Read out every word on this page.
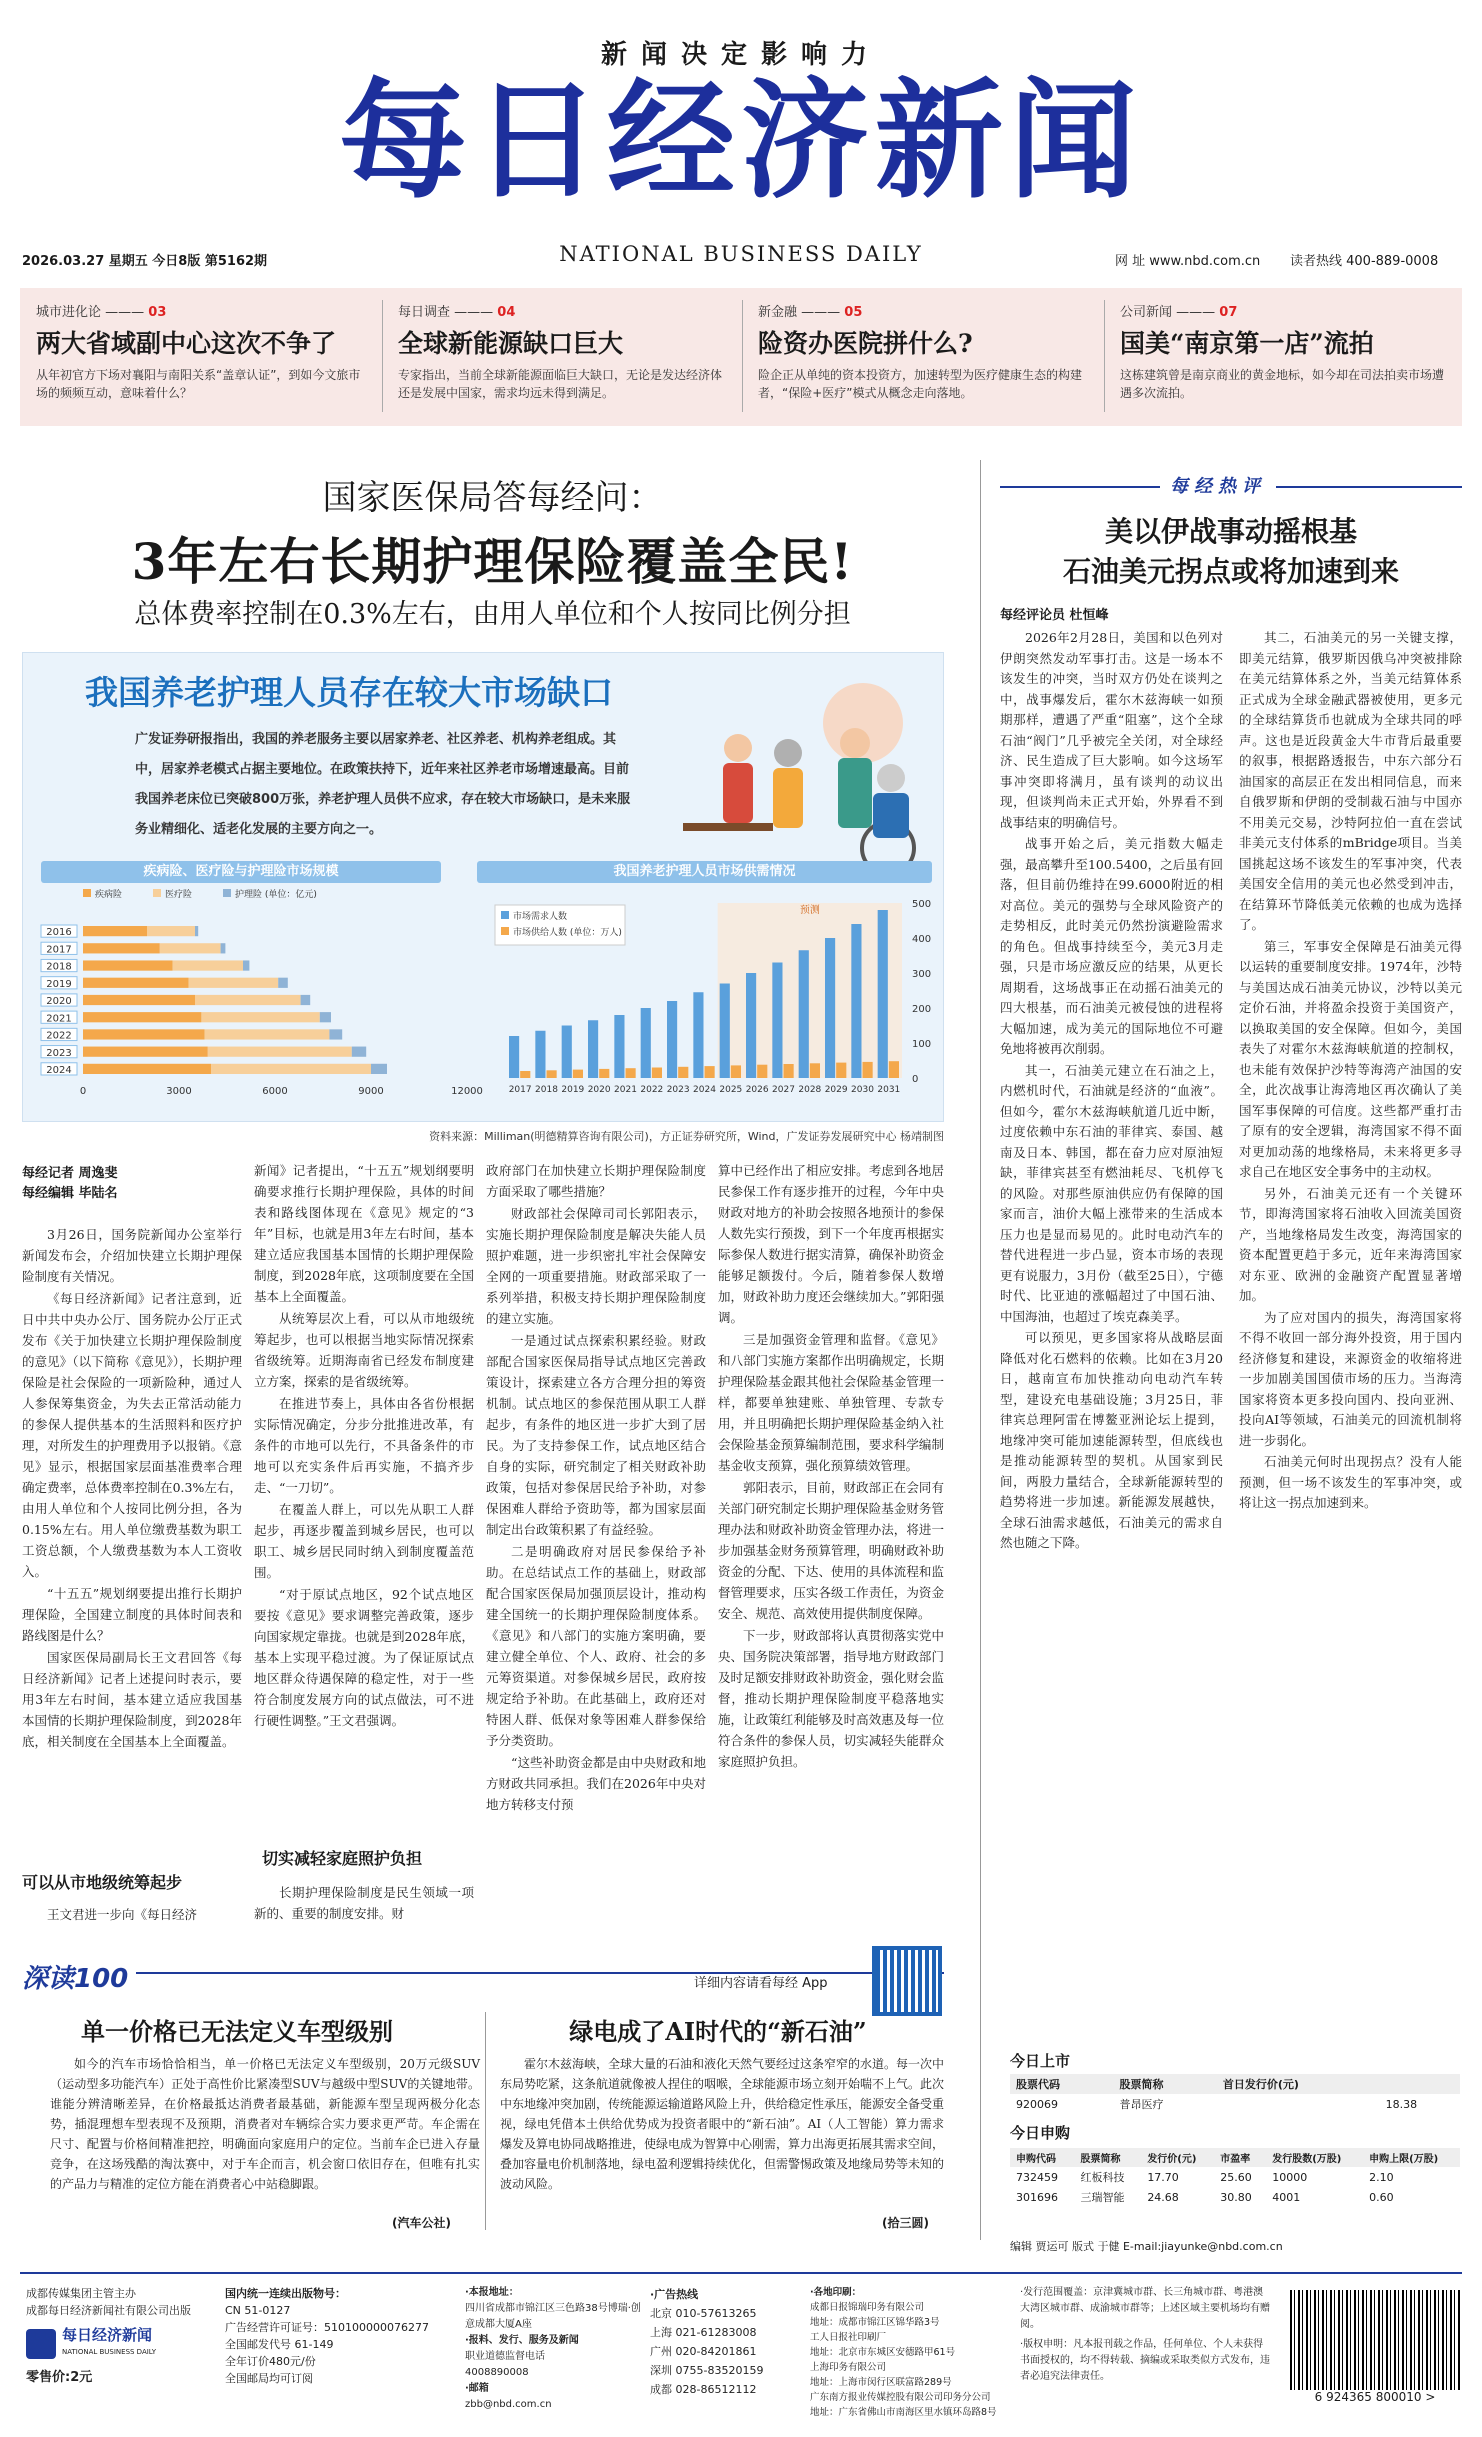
新闻决定影响力
每日经济新闻
2026.03.27 星期五 今日8版 第5162期	NATIONAL BUSINESS DAILY	网 址 www.nbd.com.cn 读者热线 400-889-0008
城市进化论 ——— 03
两大省域副中心这次不争了
从年初官方下场对襄阳与南阳关系“盖章认证”，到如今文旅市场的频频互动，意味着什么？
每日调查 ——— 04
全球新能源缺口巨大
专家指出，当前全球新能源面临巨大缺口，无论是发达经济体还是发展中国家，需求均远未得到满足。
新金融 ——— 05
险资办医院拼什么?
险企正从单纯的资本投资方，加速转型为医疗健康生态的构建者，“保险+医疗”模式从概念走向落地。
公司新闻 ——— 07
国美“南京第一店”流拍
这栋建筑曾是南京商业的黄金地标，如今却在司法拍卖市场遭遇多次流拍。
国家医保局答每经问：
3年左右长期护理保险覆盖全民!
总体费率控制在0.3%左右，由用人单位和个人按同比例分担
我国养老护理人员存在较大市场缺口
广发证券研报指出，我国的养老服务主要以居家养老、社区养老、机构养老组成。其中，居家养老模式占据主要地位。在政策扶持下，近年来社区养老市场增速最高。目前我国养老床位已突破800万张，养老护理人员供不应求，存在较大市场缺口，是未来服务业精细化、适老化发展的主要方向之一。
疾病险、医疗险与护理险市场规模
疾病险	医疗险	护理险 (单位：亿元)
2016
2017
2018
2019
2020
2021
2022
2023
2024
0	3000	6000	9000	12000
我国养老护理人员市场供需情况
市场需求人数
市场供给人数 (单位：万人)
预测
2017 2018 2019 2020 2021 2022 2023 2024 2025 2026 2027 2028 2029 2030 2031
0
100
200
300
400
500
资料来源：Milliman(明德精算咨询有限公司)，方正证券研究所，Wind，广发证券发展研究中心 杨靖制图
每经记者 周逸斐
每经编辑 毕陆名

3月26日，国务院新闻办公室举行新闻发布会，介绍加快建立长期护理保险制度有关情况。

《每日经济新闻》记者注意到，近日中共中央办公厅、国务院办公厅正式发布《关于加快建立长期护理保险制度的意见》（以下简称《意见》），长期护理保险是社会保险的一项新险种，通过人人参保筹集资金，为失去正常活动能力的参保人提供基本的生活照料和医疗护理，对所发生的护理费用予以报销。《意见》显示，根据国家层面基准费率合理确定费率，总体费率控制在0.3%左右，由用人单位和个人按同比例分担，各为0.15%左右。用人单位缴费基数为职工工资总额，个人缴费基数为本人工资收入。

“十五五”规划纲要提出推行长期护理保险，全国建立制度的具体时间表和路线图是什么？

国家医保局副局长王文君回答《每日经济新闻》记者上述提问时表示，要用3年左右时间，基本建立适应我国基本国情的长期护理保险制度，到2028年底，相关制度在全国基本上全面覆盖。

可以从市地级统筹起步

王文君进一步向《每日经济

新闻》记者提出，“十五五”规划纲要明确要求推行长期护理保险，具体的时间表和路线图体现在《意见》规定的“3年”目标，也就是用3年左右时间，基本建立适应我国基本国情的长期护理保险制度，到2028年底，这项制度要在全国基本上全面覆盖。

从统筹层次上看，可以从市地级统筹起步，也可以根据当地实际情况探索省级统筹。近期海南省已经发布制度建立方案，探索的是省级统筹。

在推进节奏上，具体由各省份根据实际情况确定，分步分批推进改革，有条件的市地可以先行，不具备条件的市地可以充实条件后再实施，不搞齐步走、“一刀切”。

在覆盖人群上，可以先从职工人群起步，再逐步覆盖到城乡居民，也可以职工、城乡居民同时纳入到制度覆盖范围。

“对于原试点地区，92个试点地区要按《意见》要求调整完善政策，逐步向国家规定靠拢。也就是到2028年底，基本上实现平稳过渡。为了保证原试点地区群众待遇保障的稳定性，对于一些符合制度发展方向的试点做法，可不进行硬性调整。”王文君强调。

切实减轻家庭照护负担

长期护理保险制度是民生领域一项新的、重要的制度安排。财

政府部门在加快建立长期护理保险制度方面采取了哪些措施？

财政部社会保障司司长郭阳表示，实施长期护理保险制度是解决失能人员照护难题，进一步织密扎牢社会保障安全网的一项重要措施。财政部采取了一系列举措，积极支持长期护理保险制度的建立实施。

一是通过试点探索积累经验。财政部配合国家医保局指导试点地区完善政策设计，探索建立各方合理分担的筹资机制。试点地区的参保范围从职工人群起步，有条件的地区进一步扩大到了居民。为了支持参保工作，试点地区结合自身的实际，研究制定了相关财政补助政策，包括对参保居民给予补助，对参保困难人群给予资助等，都为国家层面制定出台政策积累了有益经验。

二是明确政府对居民参保给予补助。在总结试点工作的基础上，财政部配合国家医保局加强顶层设计，推动构建全国统一的长期护理保险制度体系。《意见》和八部门的实施方案明确，要建立健全单位、个人、政府、社会的多元筹资渠道。对参保城乡居民，政府按规定给予补助。在此基础上，政府还对特困人群、低保对象等困难人群参保给予分类资助。

“这些补助资金都是由中央财政和地方财政共同承担。我们在2026年中央对地方转移支付预

算中已经作出了相应安排。考虑到各地居民参保工作有逐步推开的过程，今年中央财政对地方的补助会按照各地预计的参保人数先实行预拨，到下一个年度再根据实际参保人数进行据实清算，确保补助资金能够足额拨付。今后，随着参保人数增加，财政补助力度还会继续加大。”郭阳强调。

三是加强资金管理和监督。《意见》和八部门实施方案都作出明确规定，长期护理保险基金跟其他社会保险基金管理一样，都要单独建账、单独管理、专款专用，并且明确把长期护理保险基金纳入社会保险基金预算编制范围，要求科学编制基金收支预算，强化预算绩效管理。

郭阳表示，目前，财政部正在会同有关部门研究制定长期护理保险基金财务管理办法和财政补助资金管理办法，将进一步加强基金财务预算管理，明确财政补助资金的分配、下达、使用的具体流程和监督管理要求，压实各级工作责任，为资金安全、规范、高效使用提供制度保障。

下一步，财政部将认真贯彻落实党中央、国务院决策部署，指导地方财政部门及时足额安排财政补助资金，强化财会监督，推动长期护理保险制度平稳落地实施，让政策红利能够及时高效惠及每一位符合条件的参保人员，切实减轻失能群众家庭照护负担。

深读100	详细内容请看每经 App
单一价格已无法定义车型级别

如今的汽车市场恰恰相当，单一价格已无法定义车型级别，20万元级SUV（运动型多功能汽车）正处于高性价比紧凑型SUV与越级中型SUV的关键地带。谁能分辨清晰差异，在价格最抵达消费者最基础，新能源车型呈现两极分化态势，插混理想车型表现不及预期，消费者对车辆综合实力要求更严苛。车企需在尺寸、配置与价格间精准把控，明确面向家庭用户的定位。当前车企已进入存量竞争，在这场残酷的淘汰赛中，对于车企而言，机会窗口依旧存在，但唯有扎实的产品力与精准的定位方能在消费者心中站稳脚跟。

(汽车公社)
绿电成了AI时代的“新石油”

霍尔木兹海峡，全球大量的石油和液化天然气要经过这条窄窄的水道。每一次中东局势吃紧，这条航道就像被人捏住的咽喉，全球能源市场立刻开始喘不上气。此次中东地缘冲突加剧，传统能源运输道路风险上升，供给稳定性承压，能源安全备受重视，绿电凭借本土供给优势成为投资者眼中的“新石油”。AI（人工智能）算力需求爆发及算电协同战略推进，使绿电成为智算中心刚需，算力出海更拓展其需求空间，叠加容量电价机制落地，绿电盈利逻辑持续优化，但需警惕政策及地缘局势等未知的波动风险。

(拾三圆)
每经热评
美以伊战事动摇根基
石油美元拐点或将加速到来
每经评论员 杜恒峰

2026年2月28日，美国和以色列对伊朗突然发动军事打击。这是一场本不该发生的冲突，当时双方仍处在谈判之中，战事爆发后，霍尔木兹海峡一如预期那样，遭遇了严重“阻塞”，这个全球石油“阀门”几乎被完全关闭，对全球经济、民生造成了巨大影响。如今这场军事冲突即将满月，虽有谈判的动议出现，但谈判尚未正式开始，外界看不到战事结束的明确信号。

战事开始之后，美元指数大幅走强，最高攀升至100.5400，之后虽有回落，但目前仍维持在99.6000附近的相对高位。美元的强势与全球风险资产的走势相反，此时美元仍然扮演避险需求的角色。但战事持续至今，美元3月走强，只是市场应激反应的结果，从更长周期看，这场战事正在动摇石油美元的四大根基，而石油美元被侵蚀的进程将大幅加速，成为美元的国际地位不可避免地将被再次削弱。

其一，石油美元建立在石油之上，内燃机时代，石油就是经济的“血液”。但如今，霍尔木兹海峡航道几近中断，过度依赖中东石油的菲律宾、泰国、越南及日本、韩国，都在奋力应对原油短缺，菲律宾甚至有燃油耗尽、飞机停飞的风险。对那些原油供应仍有保障的国家而言，油价大幅上涨带来的生活成本压力也是显而易见的。此时电动汽车的替代进程进一步凸显，资本市场的表现更有说服力，3月份（截至25日），宁德时代、比亚迪的涨幅超过了中国石油、中国海油，也超过了埃克森美孚。

可以预见，更多国家将从战略层面降低对化石燃料的依赖。比如在3月20日，越南宣布加快推动向电动汽车转型，建设充电基础设施；3月25日，菲律宾总理阿雷在博鳌亚洲论坛上提到，地缘冲突可能加速能源转型，但底线也是推动能源转型的契机。从国家到民间，两股力量结合，全球新能源转型的趋势将进一步加速。新能源发展越快，全球石油需求越低，石油美元的需求自然也随之下降。

其二，石油美元的另一关键支撑，即美元结算，俄罗斯因俄乌冲突被排除在美元结算体系之外，当美元结算体系正式成为全球金融武器被使用，更多元的全球结算货币也就成为全球共同的呼声。这也是近段黄金大牛市背后最重要的叙事，根据路透报告，中东六部分石油国家的高层正在发出相同信息，而来自俄罗斯和伊朗的受制裁石油与中国亦不用美元交易，沙特阿拉伯一直在尝试非美元支付体系的mBridge项目。当美国挑起这场不该发生的军事冲突，代表美国安全信用的美元也必然受到冲击，在结算环节降低美元依赖的也成为选择了。

第三，军事安全保障是石油美元得以运转的重要制度安排。1974年，沙特与美国达成石油美元协议，沙特以美元定价石油，并将盈余投资于美国资产，以换取美国的安全保障。但如今，美国表失了对霍尔木兹海峡航道的控制权，也未能有效保护沙特等海湾产油国的安全，此次战事让海湾地区再次确认了美国军事保障的可信度。这些都严重打击了原有的安全逻辑，海湾国家不得不面对更加动荡的地缘格局，未来将更多寻求自己在地区安全事务中的主动权。

另外，石油美元还有一个关键环节，即海湾国家将石油收入回流美国资产，当地缘格局发生改变，海湾国家的资本配置更趋于多元，近年来海湾国家对东亚、欧洲的金融资产配置显著增加。

为了应对国内的损失，海湾国家将不得不收回一部分海外投资，用于国内经济修复和建设，来源资金的收缩将进一步加剧美国国债市场的压力。当海湾国家将资本更多投向国内、投向亚洲、投向AI等领域，石油美元的回流机制将进一步弱化。

石油美元何时出现拐点？没有人能预测，但一场不该发生的军事冲突，或将让这一拐点加速到来。

今日上市
股票代码	股票简称	首日发行价(元)	
920069	普昂医疗		18.38
今日申购
申购代码	股票简称	发行价(元)	市盈率	发行股数(万股)	申购上限(万股)
732459	红板科技	17.70	25.60	10000	2.10
301696	三瑞智能	24.68	30.80	4001	0.60
编辑 贾运可 版式 于健 E-mail:jiayunke@nbd.com.cn
成都传媒集团主管主办
成都每日经济新闻社有限公司出版
每日经济新闻
NATIONAL BUSINESS DAILY
零售价:2元
国内统一连续出版物号：
CN 51-0127
广告经营许可证号：510100000076277
全国邮发代号 61-149
全年订价480元/份
全国邮局均可订阅
·本报地址：
四川省成都市锦江区三色路38号博瑞·创意成都大厦A座
·报料、发行、服务及新闻
职业道德监督电话
4008890008
·邮箱
zbb@nbd.com.cn
·广告热线
北京 010-57613265
上海 021-61283008
广州 020-84201861
深圳 0755-83520159
成都 028-86512112
·各地印刷：
成都日报锦瑞印务有限公司
地址：成都市锦江区锦华路3号
工人日报社印刷厂
地址：北京市东城区安德路甲61号
上海印务有限公司
地址：上海市闵行区联富路289号
广东南方报业传媒控股有限公司印务分公司
地址：广东省佛山市南海区里水镇环岛路8号
·发行范围覆盖：京津冀城市群、长三角城市群、粤港澳大湾区城市群、成渝城市群等；上述区域主要机场均有赠阅。
·版权申明：凡本报刊载之作品，任何单位、个人未获得书面授权的，均不得转载、摘编或采取类似方式发布，违者必追究法律责任。
6 924365 800010 >
